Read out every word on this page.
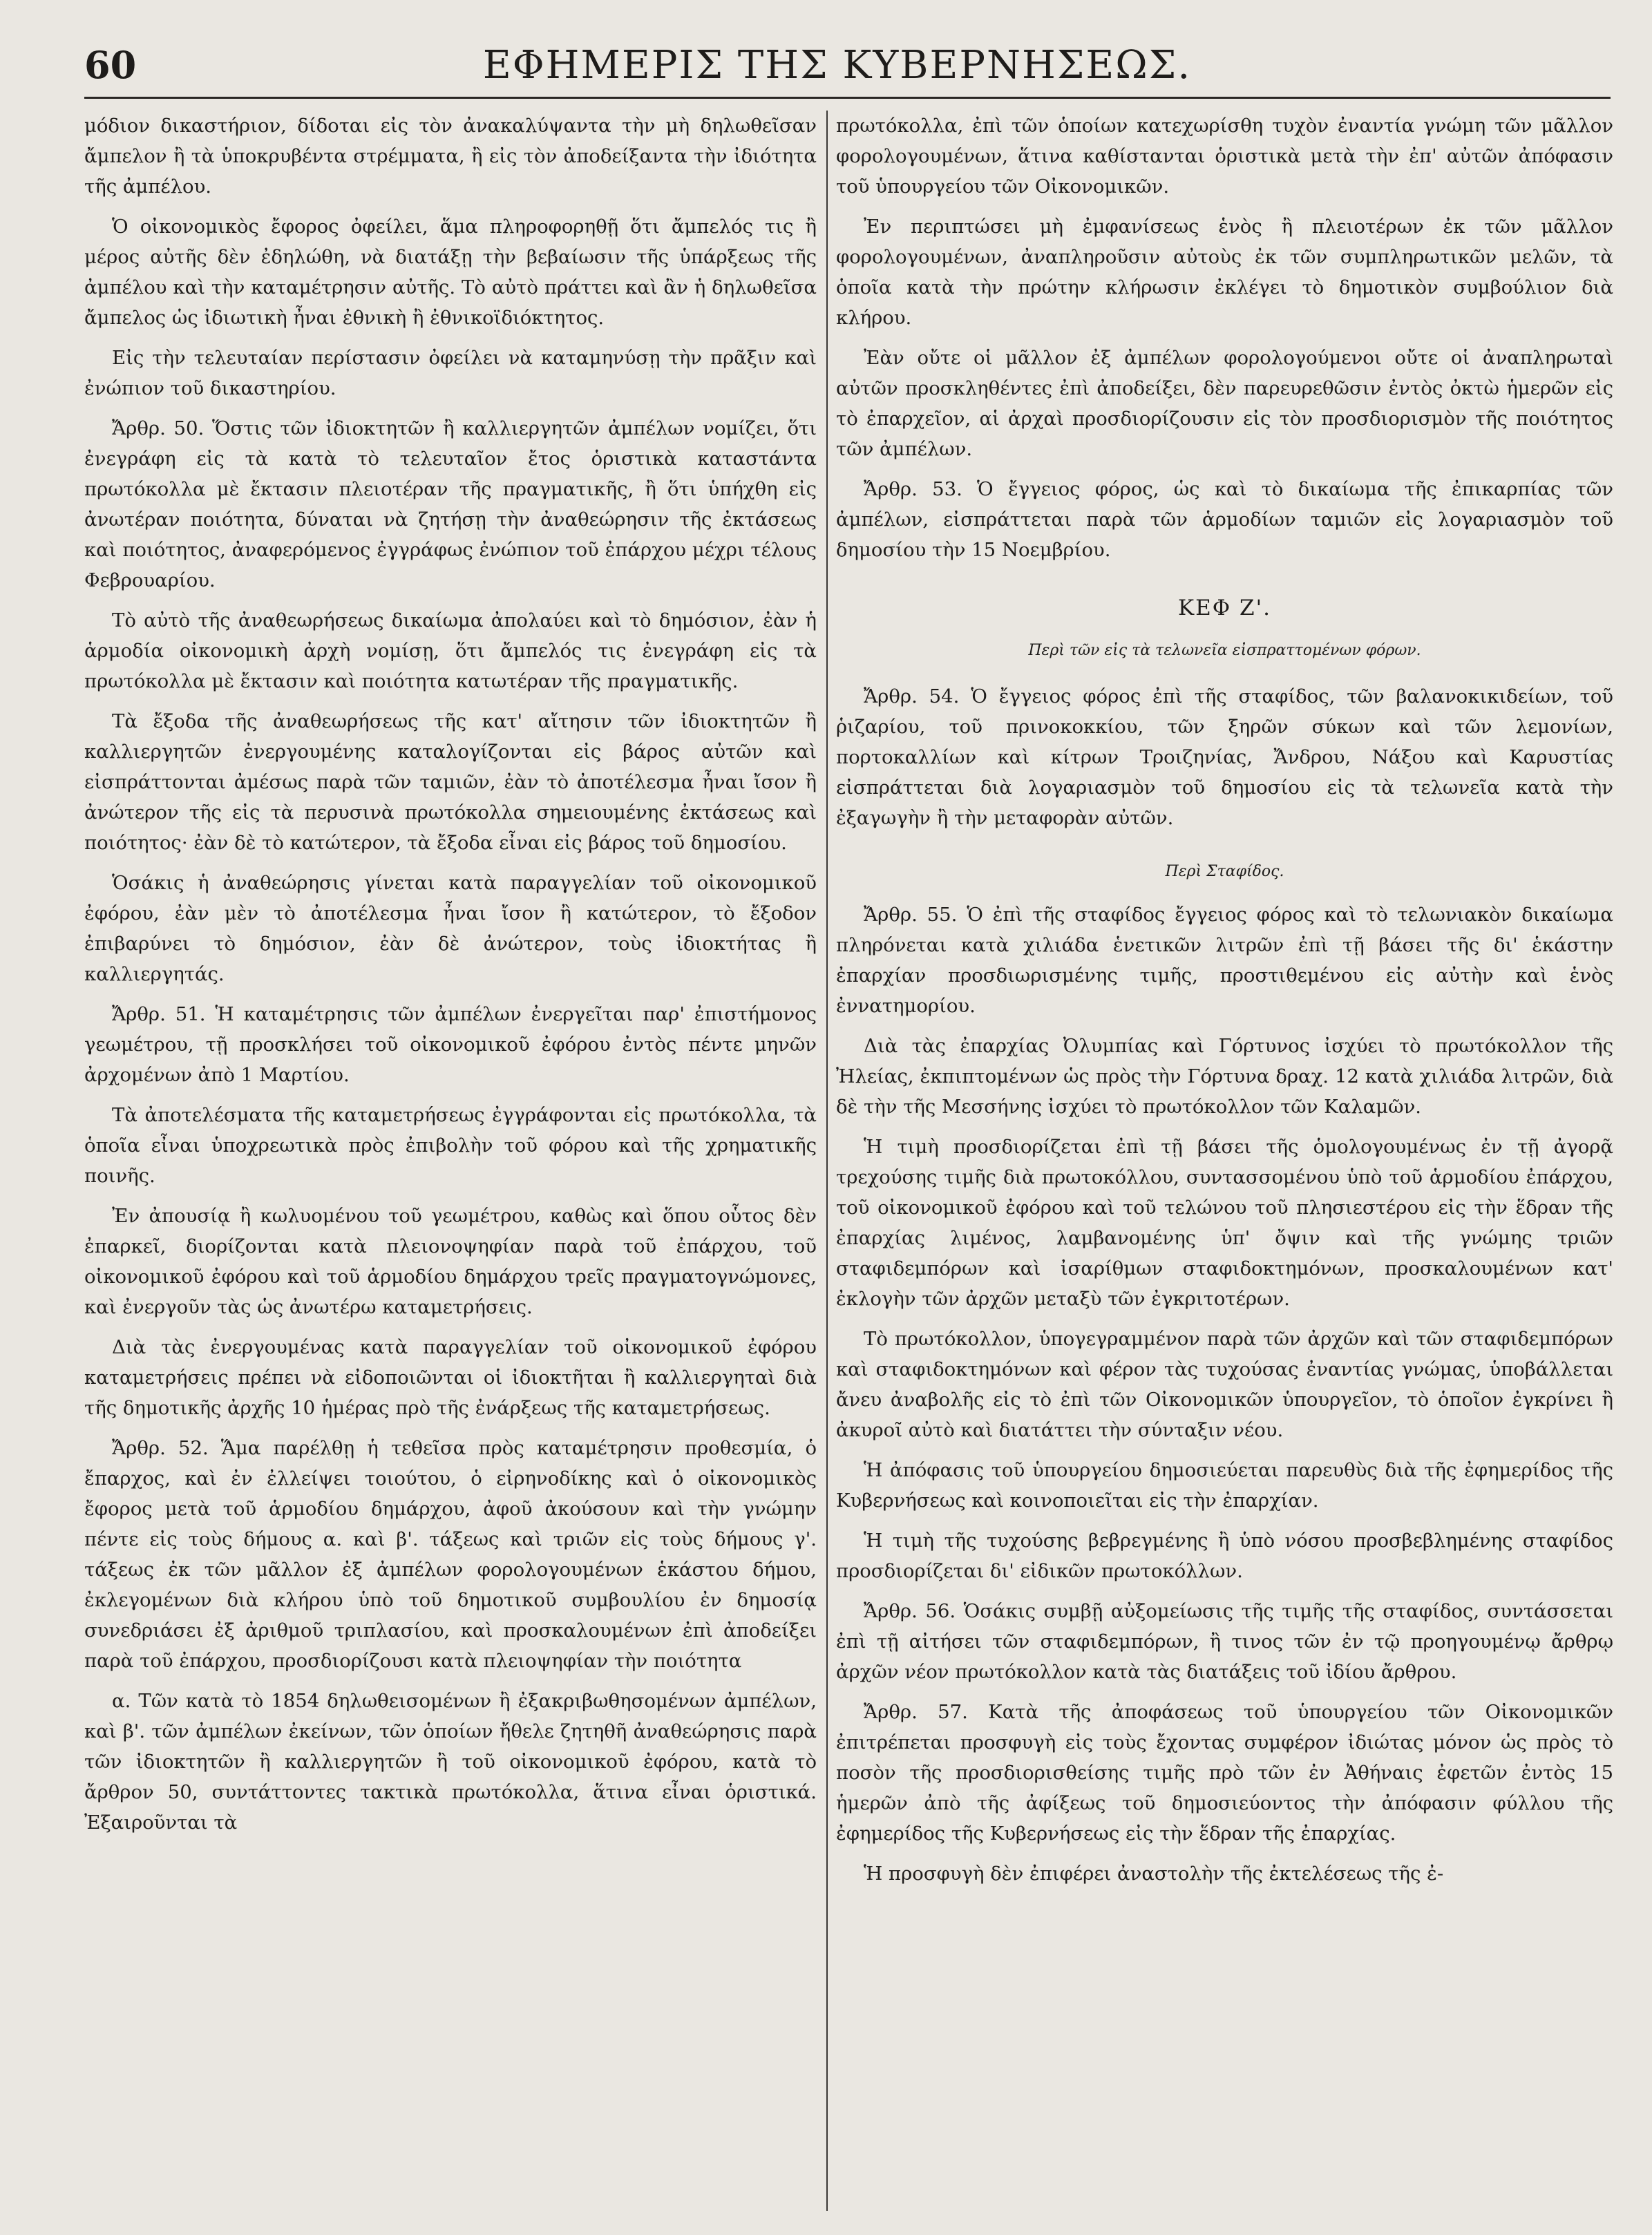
ΕΦΗΜΕΡΙΣ ΤΗΣ ΚΥΒΕΡΝΗΣΕΩΣ.
60

μόδιον δικαστήριον, δίδοται εἰς τὸν ἀνακαλύψαντα τὴν μὴ δηλωθεῖσαν ἄμπελον ἢ τὰ ὑποκρυβέντα στρέμματα, ἢ εἰς τὸν ἀποδείξαντα τὴν ἰδιότητα τῆς ἀμπέλου.

Ὁ οἰκονομικὸς ἔφορος ὀφείλει, ἅμα πληροφορηθῇ ὅτι ἄμπελός τις ἢ μέρος αὐτῆς δὲν ἐδηλώθη, νὰ διατάξῃ τὴν βεβαίωσιν τῆς ὑπάρξεως τῆς ἀμπέλου καὶ τὴν καταμέτρησιν αὐτῆς. Τὸ αὐτὸ πράττει καὶ ἂν ἡ δηλωθεῖσα ἄμπελος ὡς ἰδιωτικὴ ἦναι ἐθνικὴ ἢ ἐθνικοϊδιόκτητος.

Εἰς τὴν τελευταίαν περίστασιν ὀφείλει νὰ καταμηνύσῃ τὴν πρᾶξιν καὶ ἐνώπιον τοῦ δικαστηρίου.

Ἄρθρ. 50. Ὅστις τῶν ἰδιοκτητῶν ἢ καλλιεργητῶν ἀμπέλων νομίζει, ὅτι ἐνεγράφη εἰς τὰ κατὰ τὸ τελευταῖον ἔτος ὁριστικὰ καταστάντα πρωτόκολλα μὲ ἔκτασιν πλειοτέραν τῆς πραγματικῆς, ἢ ὅτι ὑπήχθη εἰς ἀνωτέραν ποιότητα, δύναται νὰ ζητήσῃ τὴν ἀναθεώρησιν τῆς ἐκτάσεως καὶ ποιότητος, ἀναφερόμενος ἐγγράφως ἐνώπιον τοῦ ἐπάρχου μέχρι τέλους Φεβρουαρίου.

Τὸ αὐτὸ τῆς ἀναθεωρήσεως δικαίωμα ἀπολαύει καὶ τὸ δημόσιον, ἐὰν ἡ ἁρμοδία οἰκονομικὴ ἀρχὴ νομίσῃ, ὅτι ἄμπελός τις ἐνεγράφη εἰς τὰ πρωτόκολλα μὲ ἔκτασιν καὶ ποιότητα κατωτέραν τῆς πραγματικῆς.

Τὰ ἔξοδα τῆς ἀναθεωρήσεως τῆς κατ' αἴτησιν τῶν ἰδιοκτητῶν ἢ καλλιεργητῶν ἐνεργουμένης καταλογίζονται εἰς βάρος αὐτῶν καὶ εἰσπράττονται ἀμέσως παρὰ τῶν ταμιῶν, ἐὰν τὸ ἀποτέλεσμα ἦναι ἴσον ἢ ἀνώτερον τῆς εἰς τὰ περυσινὰ πρωτόκολλα σημειουμένης ἐκτάσεως καὶ ποιότητος· ἐὰν δὲ τὸ κατώτερον, τὰ ἔξοδα εἶναι εἰς βάρος τοῦ δημοσίου.

Ὁσάκις ἡ ἀναθεώρησις γίνεται κατὰ παραγγελίαν τοῦ οἰκονομικοῦ ἐφόρου, ἐὰν μὲν τὸ ἀποτέλεσμα ἦναι ἴσον ἢ κατώτερον, τὸ ἔξοδον ἐπιβαρύνει τὸ δημόσιον, ἐὰν δὲ ἀνώτερον, τοὺς ἰδιοκτήτας ἢ καλλιεργητάς.

Ἄρθρ. 51. Ἡ καταμέτρησις τῶν ἀμπέλων ἐνεργεῖται παρ' ἐπιστήμονος γεωμέτρου, τῇ προσκλήσει τοῦ οἰκονομικοῦ ἐφόρου ἐντὸς πέντε μηνῶν ἀρχομένων ἀπὸ 1 Μαρτίου.

Τὰ ἀποτελέσματα τῆς καταμετρήσεως ἐγγράφονται εἰς πρωτόκολλα, τὰ ὁποῖα εἶναι ὑποχρεωτικὰ πρὸς ἐπιβολὴν τοῦ φόρου καὶ τῆς χρηματικῆς ποινῆς.

Ἐν ἀπουσίᾳ ἢ κωλυομένου τοῦ γεωμέτρου, καθὼς καὶ ὅπου οὗτος δὲν ἐπαρκεῖ, διορίζονται κατὰ πλειονοψηφίαν παρὰ τοῦ ἐπάρχου, τοῦ οἰκονομικοῦ ἐφόρου καὶ τοῦ ἁρμοδίου δημάρχου τρεῖς πραγματογνώμονες, καὶ ἐνεργοῦν τὰς ὡς ἀνωτέρω καταμετρήσεις.

Διὰ τὰς ἐνεργουμένας κατὰ παραγγελίαν τοῦ οἰκονομικοῦ ἐφόρου καταμετρήσεις πρέπει νὰ εἰδοποιῶνται οἱ ἰδιοκτῆται ἢ καλλιεργηταὶ διὰ τῆς δημοτικῆς ἀρχῆς 10 ἡμέρας πρὸ τῆς ἐνάρξεως τῆς καταμετρήσεως.

Ἄρθρ. 52. Ἅμα παρέλθῃ ἡ τεθεῖσα πρὸς καταμέτρησιν προθεσμία, ὁ ἔπαρχος, καὶ ἐν ἐλλείψει τοιούτου, ὁ εἰρηνοδίκης καὶ ὁ οἰκονομικὸς ἔφορος μετὰ τοῦ ἁρμοδίου δημάρχου, ἀφοῦ ἀκούσουν καὶ τὴν γνώμην πέντε εἰς τοὺς δήμους α. καὶ β'. τάξεως καὶ τριῶν εἰς τοὺς δήμους γ'. τάξεως ἐκ τῶν μᾶλλον ἐξ ἀμπέλων φορολογουμένων ἑκάστου δήμου, ἐκλεγομένων διὰ κλήρου ὑπὸ τοῦ δημοτικοῦ συμβουλίου ἐν δημοσίᾳ συνεδριάσει ἐξ ἀριθμοῦ τριπλασίου, καὶ προσκαλουμένων ἐπὶ ἀποδείξει παρὰ τοῦ ἐπάρχου, προσδιορίζουσι κατὰ πλειοψηφίαν τὴν ποιότητα

α. Τῶν κατὰ τὸ 1854 δηλωθεισομένων ἢ ἐξακριβωθησομένων ἀμπέλων, καὶ β'. τῶν ἀμπέλων ἐκείνων, τῶν ὁποίων ἤθελε ζητηθῆ ἀναθεώρησις παρὰ τῶν ἰδιοκτητῶν ἢ καλλιεργητῶν ἢ τοῦ οἰκονομικοῦ ἐφόρου, κατὰ τὸ ἄρθρον 50, συντάττοντες τακτικὰ πρωτόκολλα, ἅτινα εἶναι ὁριστικά. Ἐξαιροῦνται τὰ

πρωτόκολλα, ἐπὶ τῶν ὁποίων κατεχωρίσθη τυχὸν ἐναντία γνώμη τῶν μᾶλλον φορολογουμένων, ἅτινα καθίστανται ὁριστικὰ μετὰ τὴν ἐπ' αὐτῶν ἀπόφασιν τοῦ ὑπουργείου τῶν Οἰκονομικῶν.

Ἐν περιπτώσει μὴ ἐμφανίσεως ἑνὸς ἢ πλειοτέρων ἐκ τῶν μᾶλλον φορολογουμένων, ἀναπληροῦσιν αὐτοὺς ἐκ τῶν συμπληρωτικῶν μελῶν, τὰ ὁποῖα κατὰ τὴν πρώτην κλήρωσιν ἐκλέγει τὸ δημοτικὸν συμβούλιον διὰ κλήρου.

Ἐὰν οὔτε οἱ μᾶλλον ἐξ ἀμπέλων φορολογούμενοι οὔτε οἱ ἀναπληρωταὶ αὐτῶν προσκληθέντες ἐπὶ ἀποδείξει, δὲν παρευρεθῶσιν ἐντὸς ὀκτὼ ἡμερῶν εἰς τὸ ἐπαρχεῖον, αἱ ἀρχαὶ προσδιορίζουσιν εἰς τὸν προσδιορισμὸν τῆς ποιότητος τῶν ἀμπέλων.

Ἄρθρ. 53. Ὁ ἔγγειος φόρος, ὡς καὶ τὸ δικαίωμα τῆς ἐπικαρπίας τῶν ἀμπέλων, εἰσπράττεται παρὰ τῶν ἁρμοδίων ταμιῶν εἰς λογαριασμὸν τοῦ δημοσίου τὴν 15 Νοεμβρίου.

ΚΕΦ Ζ'.

Περὶ τῶν εἰς τὰ τελωνεῖα εἰσπραττομένων φόρων.

Ἄρθρ. 54. Ὁ ἔγγειος φόρος ἐπὶ τῆς σταφίδος, τῶν βαλανοκικιδείων, τοῦ ῥιζαρίου, τοῦ πρινοκοκκίου, τῶν ξηρῶν σύκων καὶ τῶν λεμονίων, πορτοκαλλίων καὶ κίτρων Τροιζηνίας, Ἄνδρου, Νάξου καὶ Καρυστίας εἰσπράττεται διὰ λογαριασμὸν τοῦ δημοσίου εἰς τὰ τελωνεῖα κατὰ τὴν ἐξαγωγὴν ἢ τὴν μεταφορὰν αὐτῶν.

Περὶ Σταφίδος.

Ἄρθρ. 55. Ὁ ἐπὶ τῆς σταφίδος ἔγγειος φόρος καὶ τὸ τελωνιακὸν δικαίωμα πληρόνεται κατὰ χιλιάδα ἑνετικῶν λιτρῶν ἐπὶ τῇ βάσει τῆς δι' ἑκάστην ἐπαρχίαν προσδιωρισμένης τιμῆς, προστιθεμένου εἰς αὐτὴν καὶ ἑνὸς ἐννατημορίου.

Διὰ τὰς ἐπαρχίας Ὀλυμπίας καὶ Γόρτυνος ἰσχύει τὸ πρωτόκολλον τῆς Ἠλείας, ἐκπιπτομένων ὡς πρὸς τὴν Γόρτυνα δραχ. 12 κατὰ χιλιάδα λιτρῶν, διὰ δὲ τὴν τῆς Μεσσήνης ἰσχύει τὸ πρωτόκολλον τῶν Καλαμῶν.

Ἡ τιμὴ προσδιορίζεται ἐπὶ τῇ βάσει τῆς ὁμολογουμένως ἐν τῇ ἀγορᾷ τρεχούσης τιμῆς διὰ πρωτοκόλλου, συντασσομένου ὑπὸ τοῦ ἁρμοδίου ἐπάρχου, τοῦ οἰκονομικοῦ ἐφόρου καὶ τοῦ τελώνου τοῦ πλησιεστέρου εἰς τὴν ἕδραν τῆς ἐπαρχίας λιμένος, λαμβανομένης ὑπ' ὄψιν καὶ τῆς γνώμης τριῶν σταφιδεμπόρων καὶ ἰσαρίθμων σταφιδοκτημόνων, προσκαλουμένων κατ' ἐκλογὴν τῶν ἀρχῶν μεταξὺ τῶν ἐγκριτοτέρων.

Τὸ πρωτόκολλον, ὑπογεγραμμένον παρὰ τῶν ἀρχῶν καὶ τῶν σταφιδεμπόρων καὶ σταφιδοκτημόνων καὶ φέρον τὰς τυχούσας ἐναντίας γνώμας, ὑποβάλλεται ἄνευ ἀναβολῆς εἰς τὸ ἐπὶ τῶν Οἰκονομικῶν ὑπουργεῖον, τὸ ὁποῖον ἐγκρίνει ἢ ἀκυροῖ αὐτὸ καὶ διατάττει τὴν σύνταξιν νέου.

Ἡ ἀπόφασις τοῦ ὑπουργείου δημοσιεύεται παρευθὺς διὰ τῆς ἐφημερίδος τῆς Κυβερνήσεως καὶ κοινοποιεῖται εἰς τὴν ἐπαρχίαν.

Ἡ τιμὴ τῆς τυχούσης βεβρεγμένης ἢ ὑπὸ νόσου προσβεβλημένης σταφίδος προσδιορίζεται δι' εἰδικῶν πρωτοκόλλων.

Ἄρθρ. 56. Ὁσάκις συμβῇ αὐξομείωσις τῆς τιμῆς τῆς σταφίδος, συντάσσεται ἐπὶ τῇ αἰτήσει τῶν σταφιδεμπόρων, ἢ τινος τῶν ἐν τῷ προηγουμένῳ ἄρθρῳ ἀρχῶν νέον πρωτόκολλον κατὰ τὰς διατάξεις τοῦ ἰδίου ἄρθρου.

Ἄρθρ. 57. Κατὰ τῆς ἀποφάσεως τοῦ ὑπουργείου τῶν Οἰκονομικῶν ἐπιτρέπεται προσφυγὴ εἰς τοὺς ἔχοντας συμφέρον ἰδιώτας μόνον ὡς πρὸς τὸ ποσὸν τῆς προσδιορισθείσης τιμῆς πρὸ τῶν ἐν Ἀθήναις ἐφετῶν ἐντὸς 15 ἡμερῶν ἀπὸ τῆς ἀφίξεως τοῦ δημοσιεύοντος τὴν ἀπόφασιν φύλλου τῆς ἐφημερίδος τῆς Κυβερνήσεως εἰς τὴν ἕδραν τῆς ἐπαρχίας.

Ἡ προσφυγὴ δὲν ἐπιφέρει ἀναστολὴν τῆς ἐκτελέσεως τῆς ἐ-
